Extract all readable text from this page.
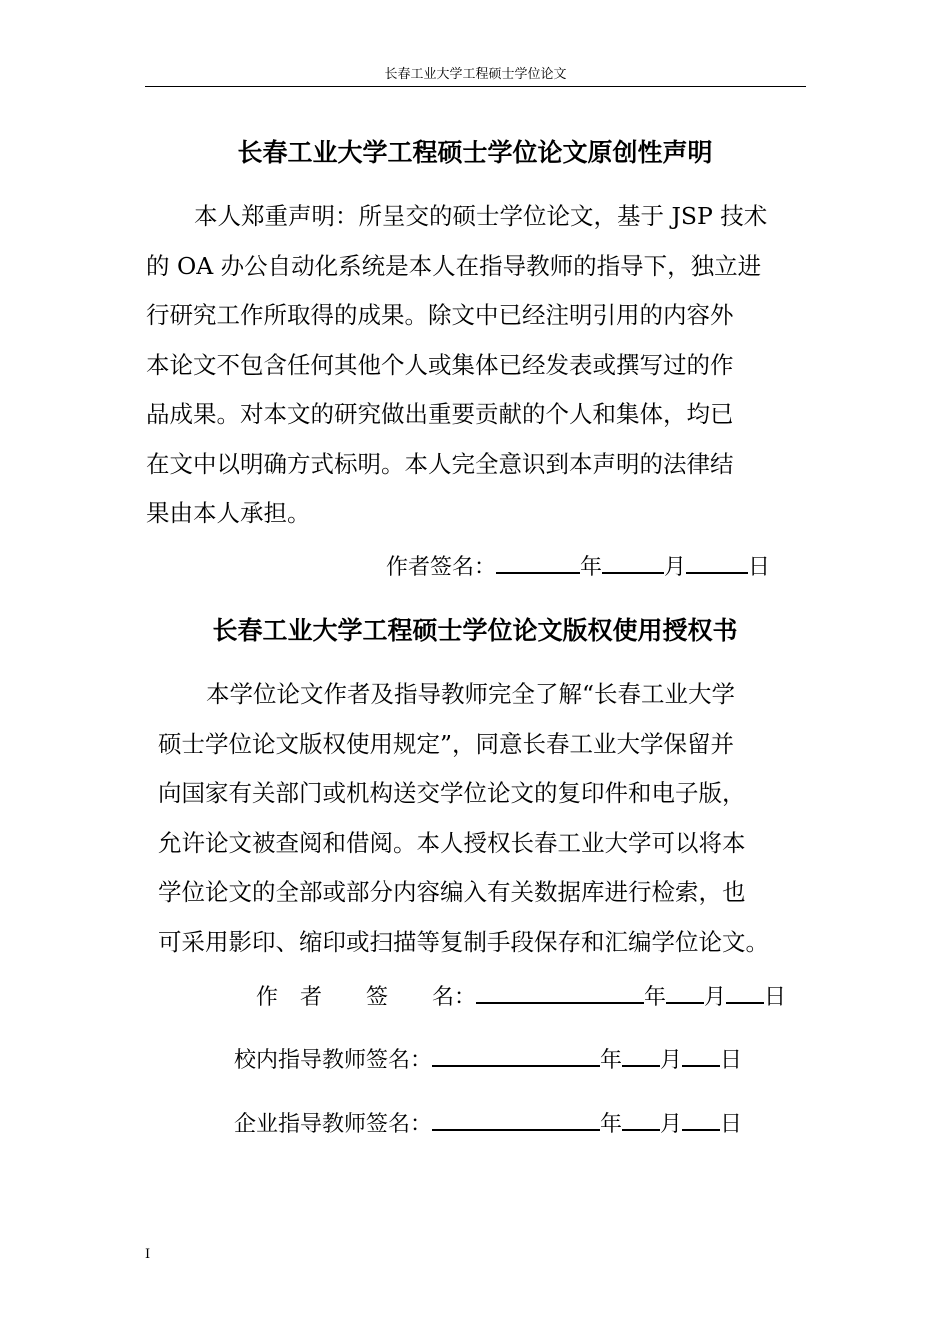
长春工业大学工程硕士学位论文
长春工业大学工程硕士学位论文原创性声明
本人郑重声明：所呈交的硕士学位论文，基于 JSP 技术
的 OA 办公自动化系统是本人在指导教师的指导下，独立进
行研究工作所取得的成果。除文中已经注明引用的内容外
本论文不包含任何其他个人或集体已经发表或撰写过的作
品成果。对本文的研究做出重要贡献的个人和集体，均已
在文中以明确方式标明。本人完全意识到本声明的法律结
果由本人承担。
作者签名：	年	月	日
长春工业大学工程硕士学位论文版权使用授权书
本学位论文作者及指导教师完全了解“长春工业大学
硕士学位论文版权使用规定”，同意长春工业大学保留并
向国家有关部门或机构送交学位论文的复印件和电子版，
允许论文被查阅和借阅。本人授权长春工业大学可以将本
学位论文的全部或部分内容编入有关数据库进行检索，也
可采用影印、缩印或扫描等复制手段保存和汇编学位论文。
作　者　　签　　名：	年 月 日
校内指导教师签名：	年 月 日
企业指导教师签名：	年 月 日
I
